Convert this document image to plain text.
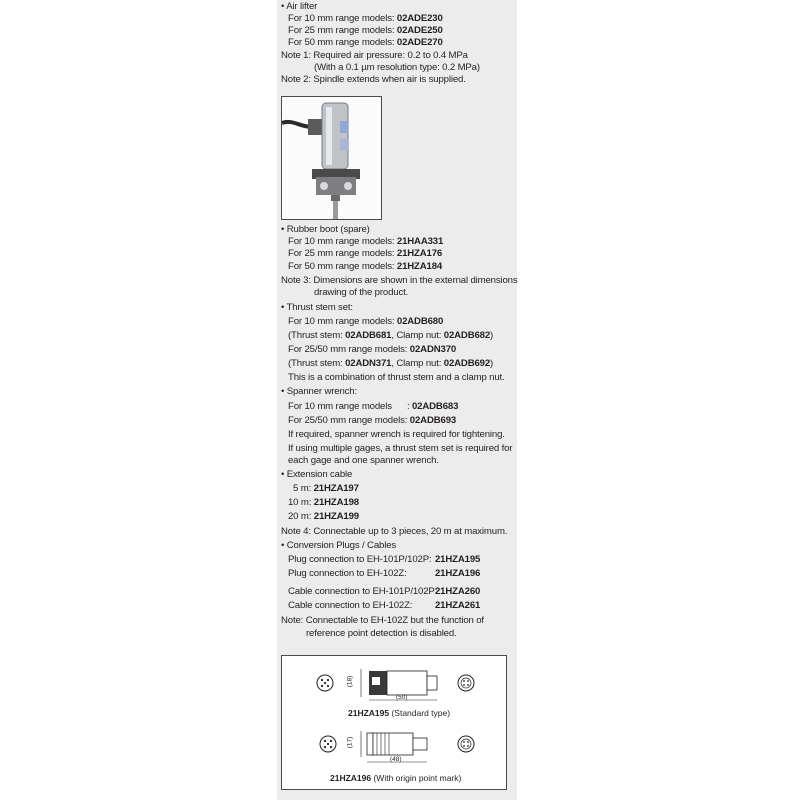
• Air lifter
For 10 mm range models: 02ADE230
For 25 mm range models: 02ADE250
For 50 mm range models: 02ADE270
Note 1: Required air pressure: 0.2 to 0.4 MPa
(With a 0.1 µm resolution type: 0.2 MPa)
Note 2: Spindle extends when air is supplied.
• Rubber boot (spare)
For 10 mm range models: 21HAA331
For 25 mm range models: 21HZA176
For 50 mm range models: 21HZA184
Note 3: Dimensions are shown in the external dimensions
drawing of the product.
• Thrust stem set:
For 10 mm range models: 02ADB680
(Thrust stem: 02ADB681, Clamp nut: 02ADB682)
For 25/50 mm range models: 02ADN370
(Thrust stem: 02ADN371, Clamp nut: 02ADB692)
This is a combination of thrust stem and a clamp nut.
• Spanner wrench:
For 10 mm range models      : 02ADB683
For 25/50 mm range models: 02ADB693
If required, spanner wrench is required for tightening.
If using multiple gages, a thrust stem set is required for
each gage and one spanner wrench.
• Extension cable
5 m: 21HZA197
10 m: 21HZA198
20 m: 21HZA199
Note 4: Connectable up to 3 pieces, 20 m at maximum.
• Conversion Plugs / Cables
Plug connection to EH-101P/102P: 21HZA195
Plug connection to EH-102Z:	21HZA196
Cable connection to EH-101P/102P:
21HZA260
Cable connection to EH-102Z: 21HZA261
Note: Connectable to EH-102Z but the function of
reference point detection is disabled.
(18)
(50)
21HZA195 (Standard type)
(17)
(48)
21HZA196 (With origin point mark)
